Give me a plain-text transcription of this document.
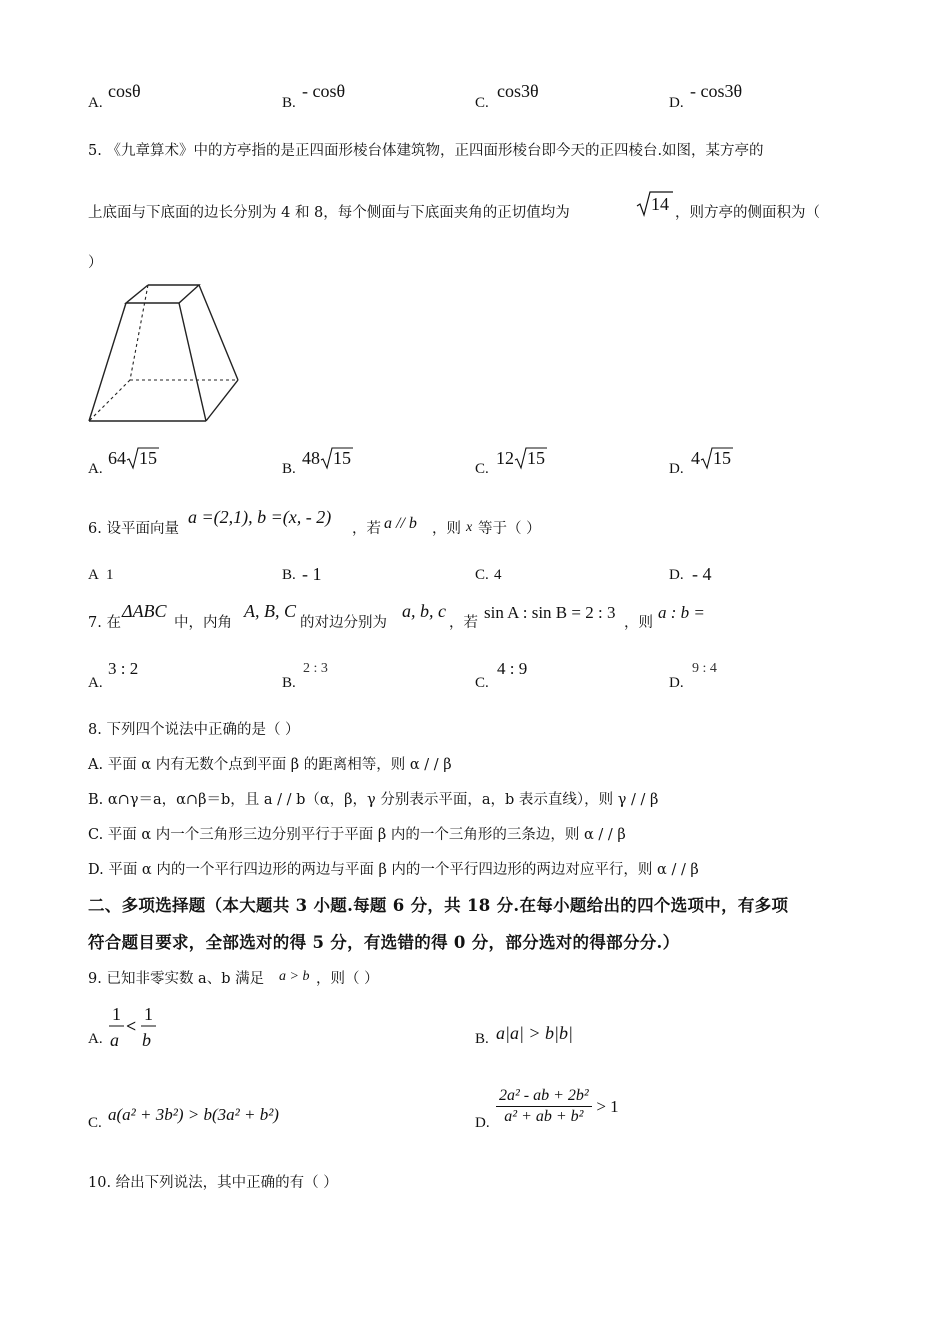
A.
cosθ
B.
- cosθ
C.
cos3θ
D.
- cos3θ
5. 《九章算术》中的方亭指的是正四面形棱台体建筑物，正四面形棱台即今天的正四棱台.如图，某方亭的
上底面与下底面的边长分别为 4 和 8，每个侧面与下底面夹角的正切值均为	14 ，则方亭的侧面积为（
）
A.
64 15
B.
48 15
C.
12 15
D.
4 15
6. 设平面向量
a =(2,1), b =(x, - 2)
，若 a // b ，则 x 等于（ ）
A 1	B. - 1	C. 4	D. - 4
7. 在
ΔABC
中，内角
A, B, C
的对边分别为
a, b, c
，若
sin A : sin B = 2 : 3
，则
a : b =
A.
3 : 2
B.
2 : 3
C.
4 : 9
D.
9 : 4
8. 下列四个说法中正确的是（ ）
A. 平面 α 内有无数个点到平面 β 的距离相等，则 α / / β
B. α∩γ＝a，α∩β＝b，且 a / / b（α，β，γ 分别表示平面，a，b 表示直线），则 γ / / β
C. 平面 α 内一个三角形三边分别平行于平面 β 内的一个三角形的三条边，则 α / / β
D. 平面 α 内的一个平行四边形的两边与平面 β 内的一个平行四边形的两边对应平行，则 α / / β
二、多项选择题（本大题共 3 小题.每题 6 分，共 18 分.在每小题给出的四个选项中，有多项
符合题目要求，全部选对的得 5 分，有选错的得 0 分，部分选对的得部分分.）
9. 已知非零实数 a、b 满足 a > b ，则（ ）
A.
1
a
<
1
b	B. a|a| > b|b|
C. a(a² + 3b²) > b(3a² + b²)	D. $\frac{\text{2a² - ab + 2b²}}{\text{a² + ab + b²}} > 1$
10. 给出下列说法，其中正确的有（ ）
